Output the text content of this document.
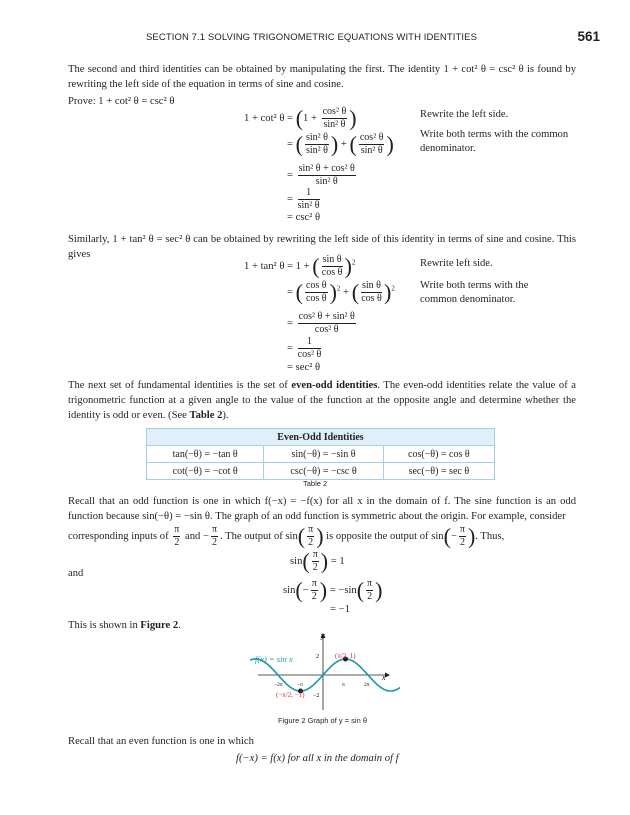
SECTION 7.1 SOLVING TRIGONOMETRIC EQUATIONS WITH IDENTITIES	561
The second and third identities can be obtained by manipulating the first. The identity 1 + cot² θ = csc² θ is found by rewriting the left side of the equation in terms of sine and cosine.
Prove: 1 + cot² θ = csc² θ
1 + cot² $\theta = (1 + \frac{\text{cos² θ}}{\text{sin² θ}}$ )	Rewrite the left side.
= ( $\frac{\text{sin² θ}}{\text{sin² θ}}$ ) + ( $\frac{\text{cos² θ}}{\text{sin² θ}}$ ) Write both terms with the common denominator.
= $\frac{\text{sin² θ + cos² θ}}{\text{sin² θ}}$
= $\frac{1}{\text{sin² θ}}$
= csc² θ
Similarly, 1 + tan² θ = sec² θ can be obtained by rewriting the left side of this identity in terms of sine and cosine. This gives
1 + tan² θ = 1 + ( $\frac{\text{sin θ}}{\text{cos θ}} )^2$	Rewrite left side.
= ( $\frac{\text{cos θ}}{\text{cos θ}} )^2$ + ( $\frac{\text{sin θ}}{\text{cos θ}} )^2$ Write both terms with the common denominator.
= $\frac{\text{cos² θ + sin² θ}}{\text{cos² θ}}$
= $\frac{1}{\text{cos² θ}}$
= sec² θ
The next set of fundamental identities is the set of even-odd identities. The even-odd identities relate the value of a trigonometric function at a given angle to the value of the function at the opposite angle and determine whether the identity is odd or even. (See Table 2).
Even-Odd Identities		
tan(−θ) = −tan θ	sin(−θ) = −sin θ	cos(−θ) = cos θ
cot(−θ) = −cot θ	csc(−θ) = −csc θ	sec(−θ) = sec θ
Table 2
Recall that an odd function is one in which f(−x) = −f(x) for all x in the domain of f. The sine function is an odd function because sin(−θ) = −sin θ. The graph of an odd function is symmetric about the origin. For example, consider
corresponding inputs of $\frac{\pi}{2}$ and − $\frac{\pi}{2}$ . The output of $\sin( \frac{\pi}{2}$ ) is opposite the output of $\sin(- \frac{\pi}{2}$ ). Thus,
$\sin( \frac{\pi}{2}$ ) = 1
and
$\sin(- \frac{\pi}{2}$ ) = $-\sin( \frac{\pi}{2}$ )
= −1
This is shown in Figure 2.
f(x) = sin x
y
x
−2π	−π	π	2π
2
−2
(π/2, 1)
(−π/2, −1)
Figure 2 Graph of y = sin θ
Recall that an even function is one in which
f(−x) = f(x) for all x in the domain of f
